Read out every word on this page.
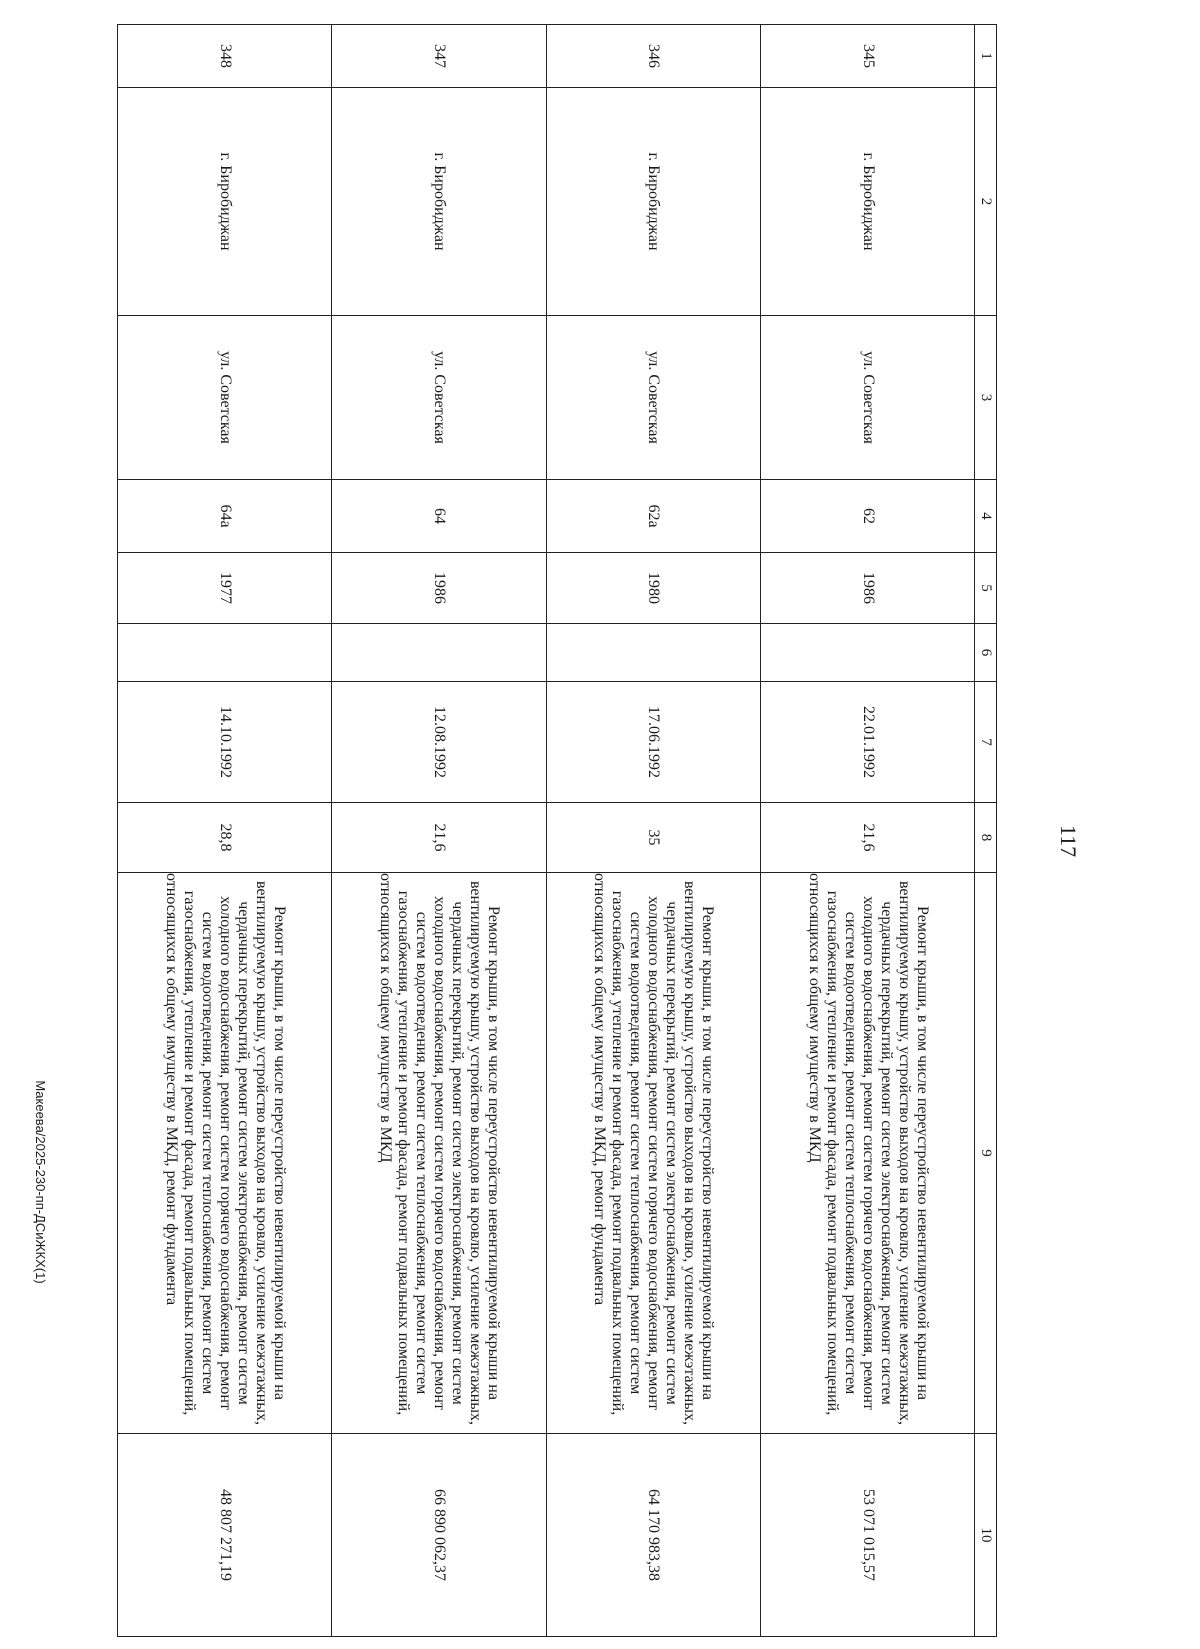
117
Макеева/2025-230-пп-ДСиЖКХ(1)
1	2	3	4	5	6	7	8	9	10
345	г. Биробиджан	ул. Советская	62	1986		22.01.1992	21,6	Ремонт крыши, в том числе переустройство невентилируемой крыши на вентилируемую крышу, устройство выходов на кровлю, усиление межэтажных, чердачных перекрытий, ремонт систем электроснабжения, ремонт систем холодного водоснабжения, ремонт систем горячего водоснабжения, ремонт систем водоотведения, ремонт систем теплоснабжения, ремонт систем газоснабжения, утепление и ремонт фасада, ремонт подвальных помещений, относящихся к общему имуществу в МКД	53 071 015,57
346	г. Биробиджан	ул. Советская	62а	1980		17.06.1992	35	Ремонт крыши, в том числе переустройство невентилируемой крыши на вентилируемую крышу, устройство выходов на кровлю, усиление межэтажных, чердачных перекрытий, ремонт систем электроснабжения, ремонт систем холодного водоснабжения, ремонт систем горячего водоснабжения, ремонт систем водоотведения, ремонт систем теплоснабжения, ремонт систем газоснабжения, утепление и ремонт фасада, ремонт подвальных помещений, относящихся к общему имуществу в МКД, ремонт фундамента	64 170 983,38
347	г. Биробиджан	ул. Советская	64	1986		12.08.1992	21,6	Ремонт крыши, в том числе переустройство невентилируемой крыши на вентилируемую крышу, устройство выходов на кровлю, усиление межэтажных, чердачных перекрытий, ремонт систем электроснабжения, ремонт систем холодного водоснабжения, ремонт систем горячего водоснабжения, ремонт систем водоотведения, ремонт систем теплоснабжения, ремонт систем газоснабжения, утепление и ремонт фасада, ремонт подвальных помещений, относящихся к общему имуществу в МКД	66 890 062,37
348	г. Биробиджан	ул. Советская	64а	1977		14.10.1992	28,8	Ремонт крыши, в том числе переустройство невентилируемой крыши на вентилируемую крышу, устройство выходов на кровлю, усиление межэтажных, чердачных перекрытий, ремонт систем электроснабжения, ремонт систем холодного водоснабжения, ремонт систем горячего водоснабжения, ремонт систем водоотведения, ремонт систем теплоснабжения, ремонт систем газоснабжения, утепление и ремонт фасада, ремонт подвальных помещений, относящихся к общему имуществу в МКД, ремонт фундамента	48 807 271,19
